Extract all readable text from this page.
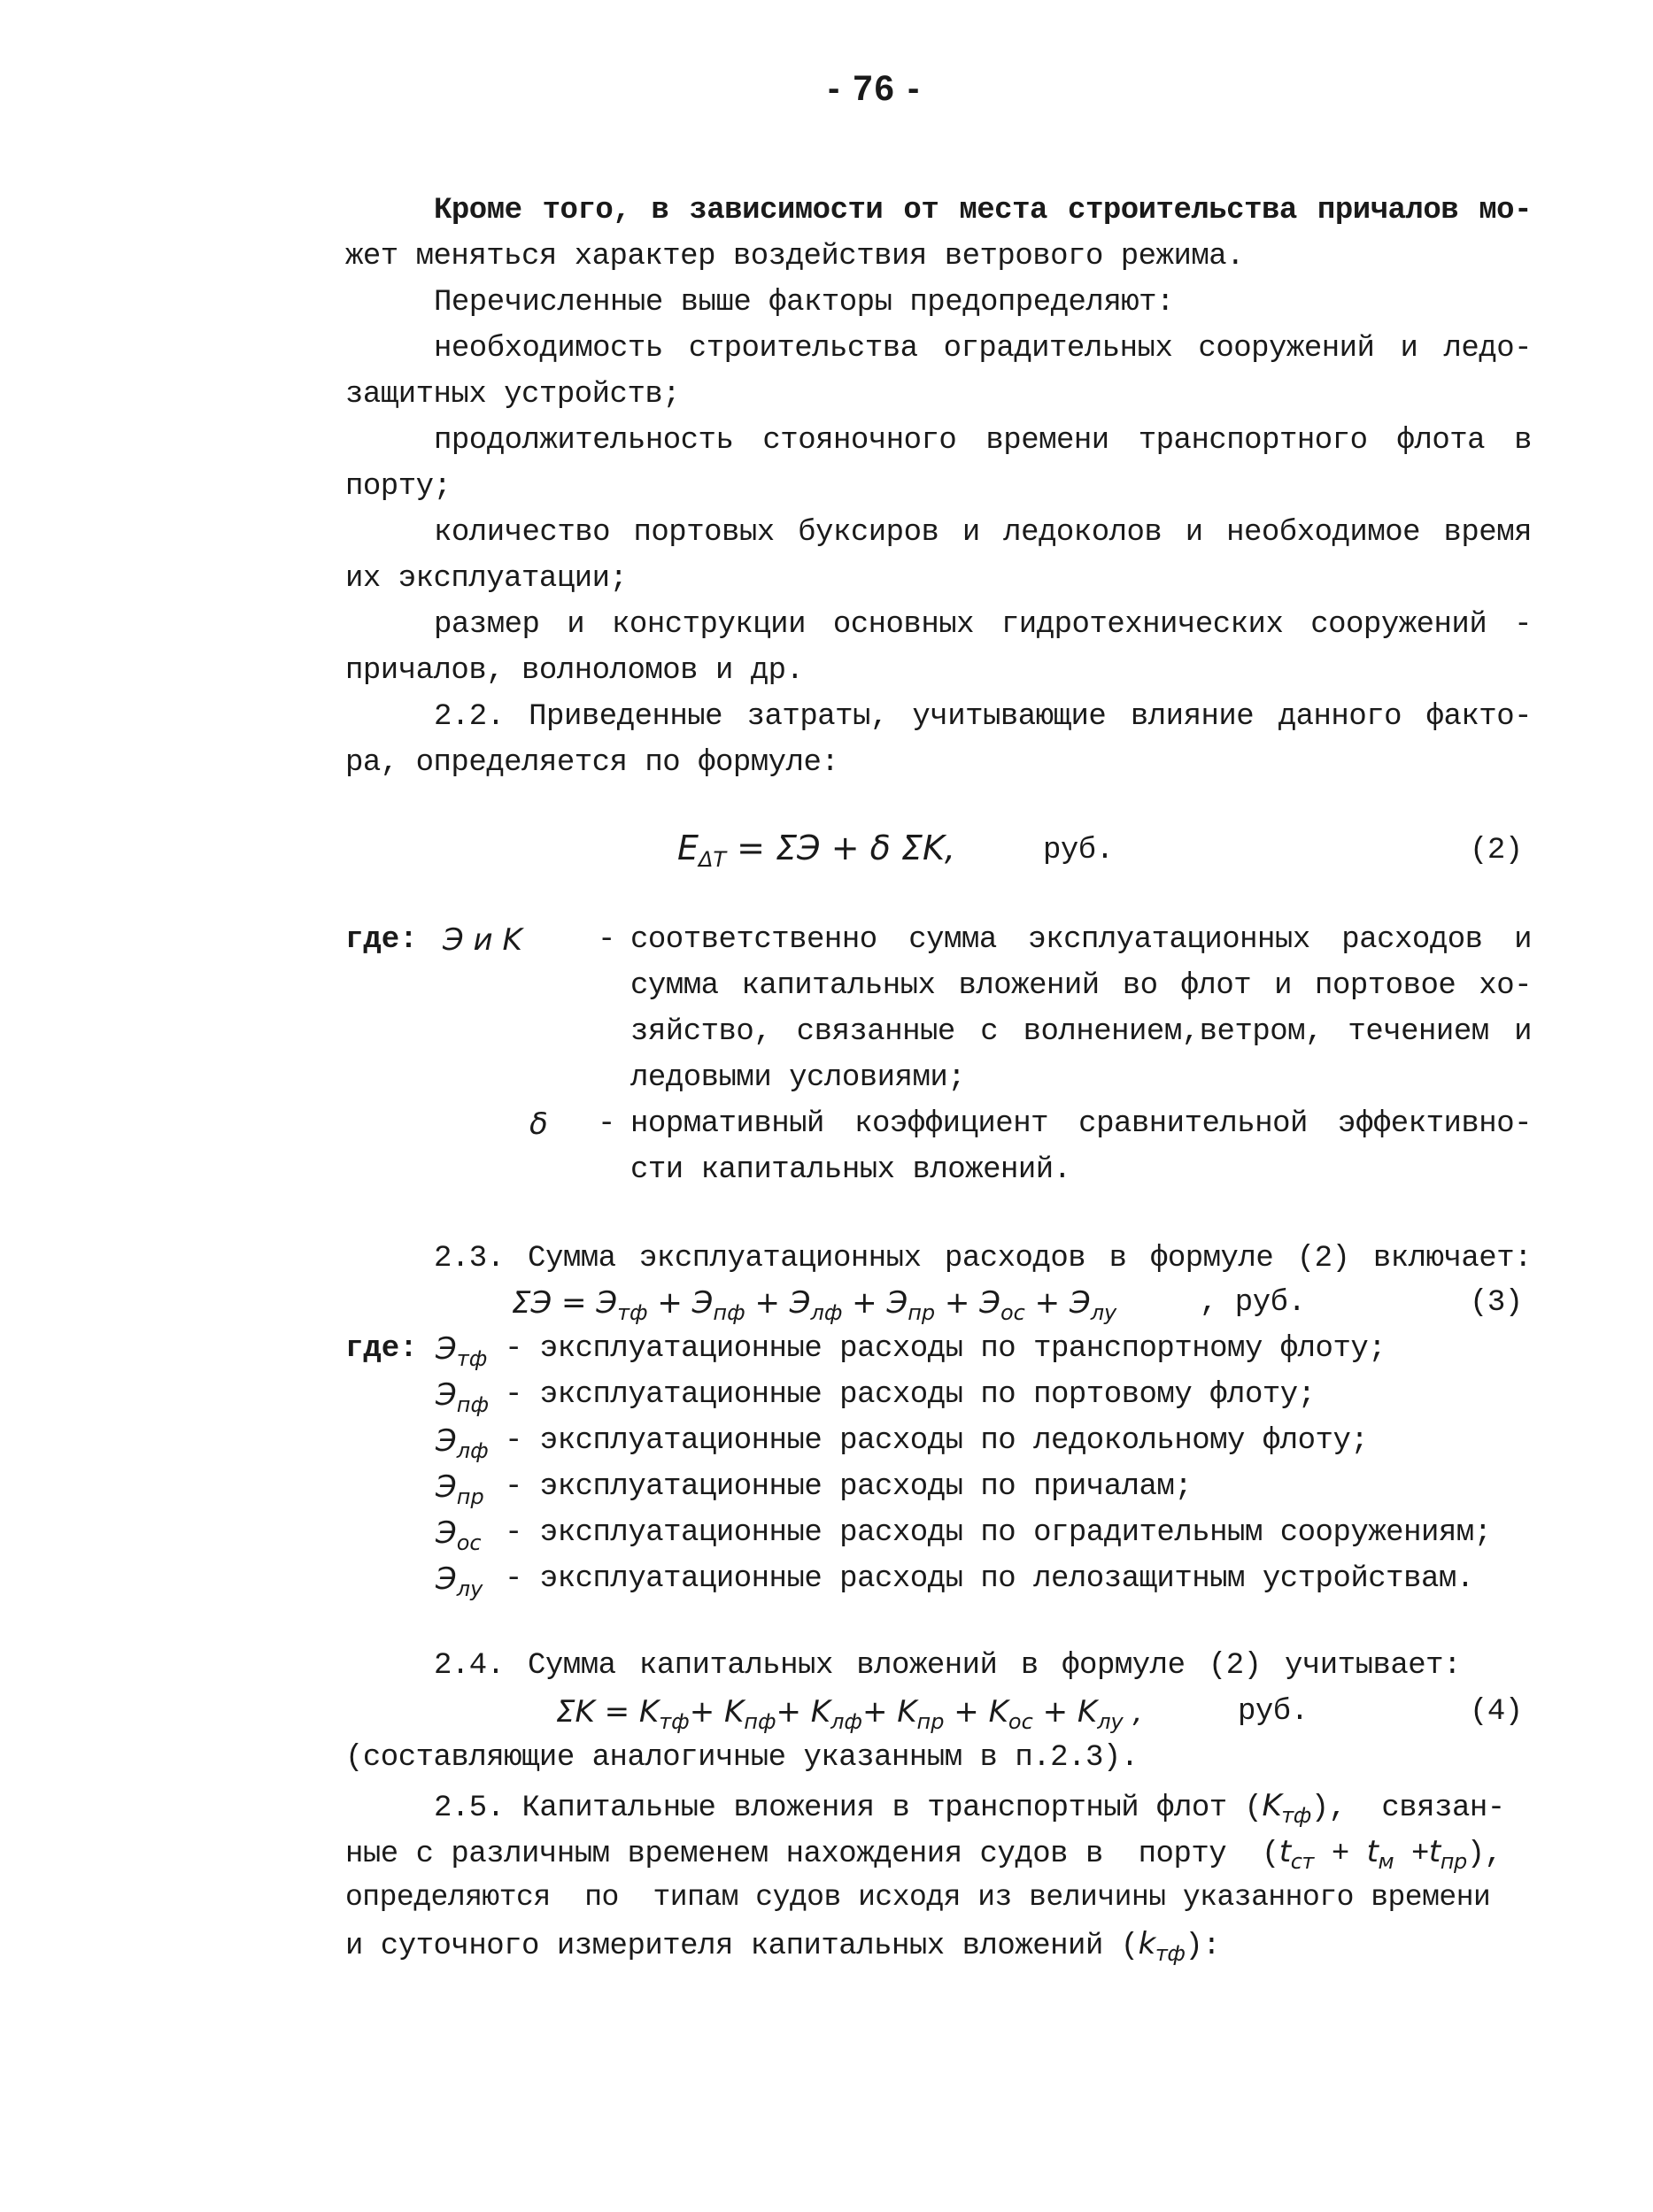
- 76 -
Кроме того, в зависимости от места строительства причалов мо-
жет меняться характер воздействия ветрового режима.
Перечисленные выше факторы предопределяют:
необходимость строительства оградительных сооружений и ледо-
защитных устройств;
продолжительность стояночного времени транспортного флота в
порту;
количество портовых буксиров и ледоколов и необходимое время
их эксплуатации;
размер и конструкции основных гидротехнических сооружений -
причалов, волноломов и др.
2.2. Приведенные затраты, учитывающие влияние данного факто-
ра, определяется по формуле:
$E_{\Delta T} = \Sigma Э + \delta$ ΣK,	руб.	(2)
где: Э и K	- соответственно сумма эксплуатационных расходов и
сумма капитальных вложений во флот и портовое хо-
зяйство, связанные с волнением,ветром, течением и
ледовыми условиями;
δ - нормативный коэффициент сравнительной эффективно-
сти капитальных вложений.
2.3. Сумма эксплуатационных расходов в формуле (2) включает:
$\Sigma Э = Э_{тф} + Э_{пф} + Э_{лф} + Э_{пр} + Э_{ос} + Э_{лу}$	, руб.	(3)
где: $Э_{тф}$ - эксплуатационные расходы по транспортному флоту;
$Э_{пф}$ - эксплуатационные расходы по портовому флоту;
$Э_{лф}$ - эксплуатационные расходы по ледокольному флоту;
$Э_{пр}$ - эксплуатационные расходы по причалам;
$Э_{ос}$ - эксплуатационные расходы по оградительным сооружениям;
$Э_{лу}$ - эксплуатационные расходы по лелозащитным устройствам.
2.4. Сумма капитальных вложений в формуле (2) учитывает:
$\Sigma K = K_{тф}+ K_{пф}+ K_{лф}+ K_{пр} + K_{ос} + K_{лу}$ ,	руб.	(4)
(составляющие аналогичные указанным в п.2.3).
2.5. Капитальные вложения в транспортный флот $(K_{тф})$,  связан-
ные с различным временем нахождения судов в  порту  $(t_{ст} + t_м +t_{пр})$,
определяются  по  типам судов исходя из величины указанного времени
и суточного измерителя капитальных вложений $(k_{тф})$:
